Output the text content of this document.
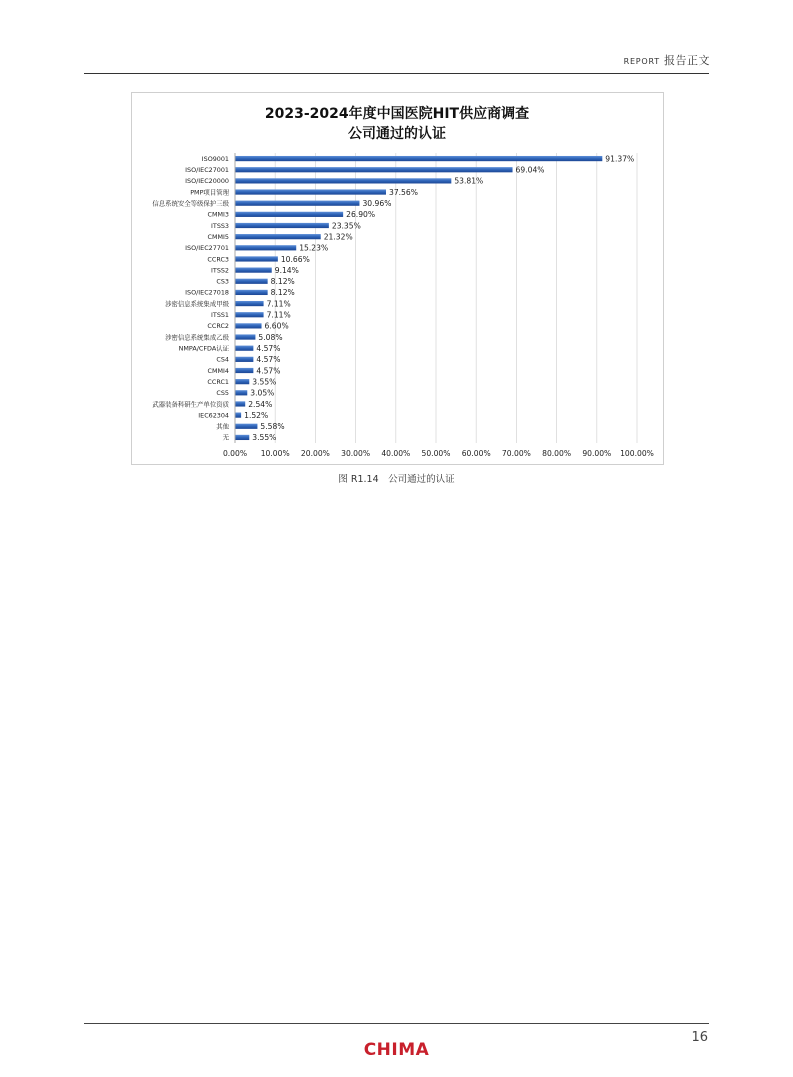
REPORT 报告正文
2023-2024年度中国医院HIT供应商调查
公司通过的认证
ISO9001	91.37%
ISO/IEC27001	69.04%
ISO/IEC20000	53.81%
PMP项目管理	37.56%
信息系统安全等级保护三级	30.96%
CMMI3	26.90%
ITSS3	23.35%
CMMI5	21.32%
ISO/IEC27701	15.23%
CCRC3	10.66%
ITSS2	9.14%
CS3	8.12%
ISO/IEC27018	8.12%
涉密信息系统集成甲级	7.11%
ITSS1	7.11%
CCRC2	6.60%
涉密信息系统集成乙级	5.08%
NMPA/CFDA认证	4.57%
CS4	4.57%
CMMI4	4.57%
CCRC1	3.55%
CS5	3.05%
武器装备科研生产单位资质	2.54%
IEC62304 1.52%
其他	5.58%
无	3.55%
0.00% 10.00% 20.00% 30.00% 40.00% 50.00% 60.00% 70.00% 80.00% 90.00% 100.00%
图 R1.14　公司通过的认证
16
CHIMA
